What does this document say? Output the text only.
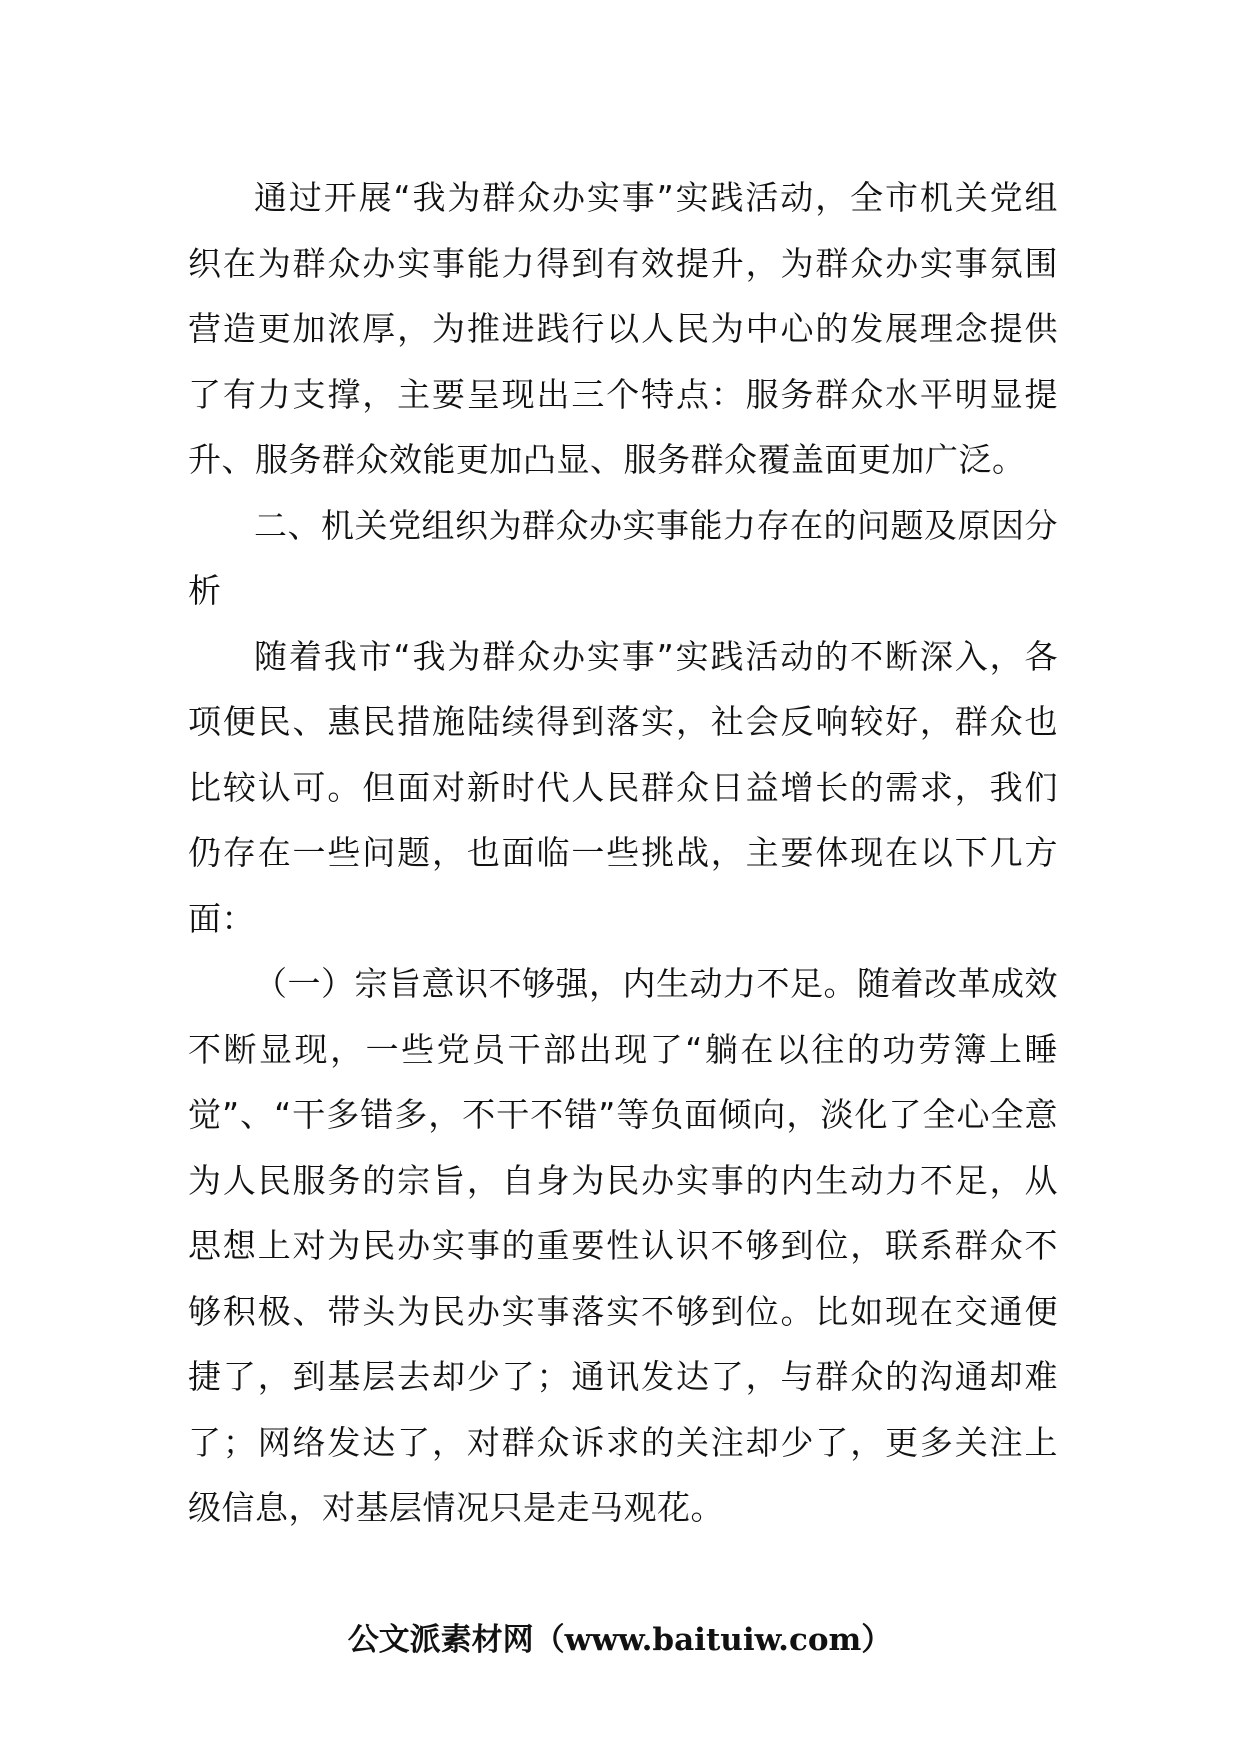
通过开展“我为群众办实事”实践活动，全市机关党组织在为群众办实事能力得到有效提升，为群众办实事氛围营造更加浓厚，为推进践行以人民为中心的发展理念提供了有力支撑，主要呈现出三个特点：服务群众水平明显提升、服务群众效能更加凸显、服务群众覆盖面更加广泛。

二、机关党组织为群众办实事能力存在的问题及原因分析

随着我市“我为群众办实事”实践活动的不断深入，各项便民、惠民措施陆续得到落实，社会反响较好，群众也比较认可。但面对新时代人民群众日益增长的需求，我们仍存在一些问题，也面临一些挑战，主要体现在以下几方面：

（一）宗旨意识不够强，内生动力不足。随着改革成效不断显现，一些党员干部出现了“躺在以往的功劳簿上睡觉”、“干多错多，不干不错”等负面倾向，淡化了全心全意为人民服务的宗旨，自身为民办实事的内生动力不足，从思想上对为民办实事的重要性认识不够到位，联系群众不够积极、带头为民办实事落实不够到位。比如现在交通便捷了，到基层去却少了；通讯发达了，与群众的沟通却难了；网络发达了，对群众诉求的关注却少了，更多关注上级信息，对基层情况只是走马观花。

公文派素材网（www.baituiw.com）
